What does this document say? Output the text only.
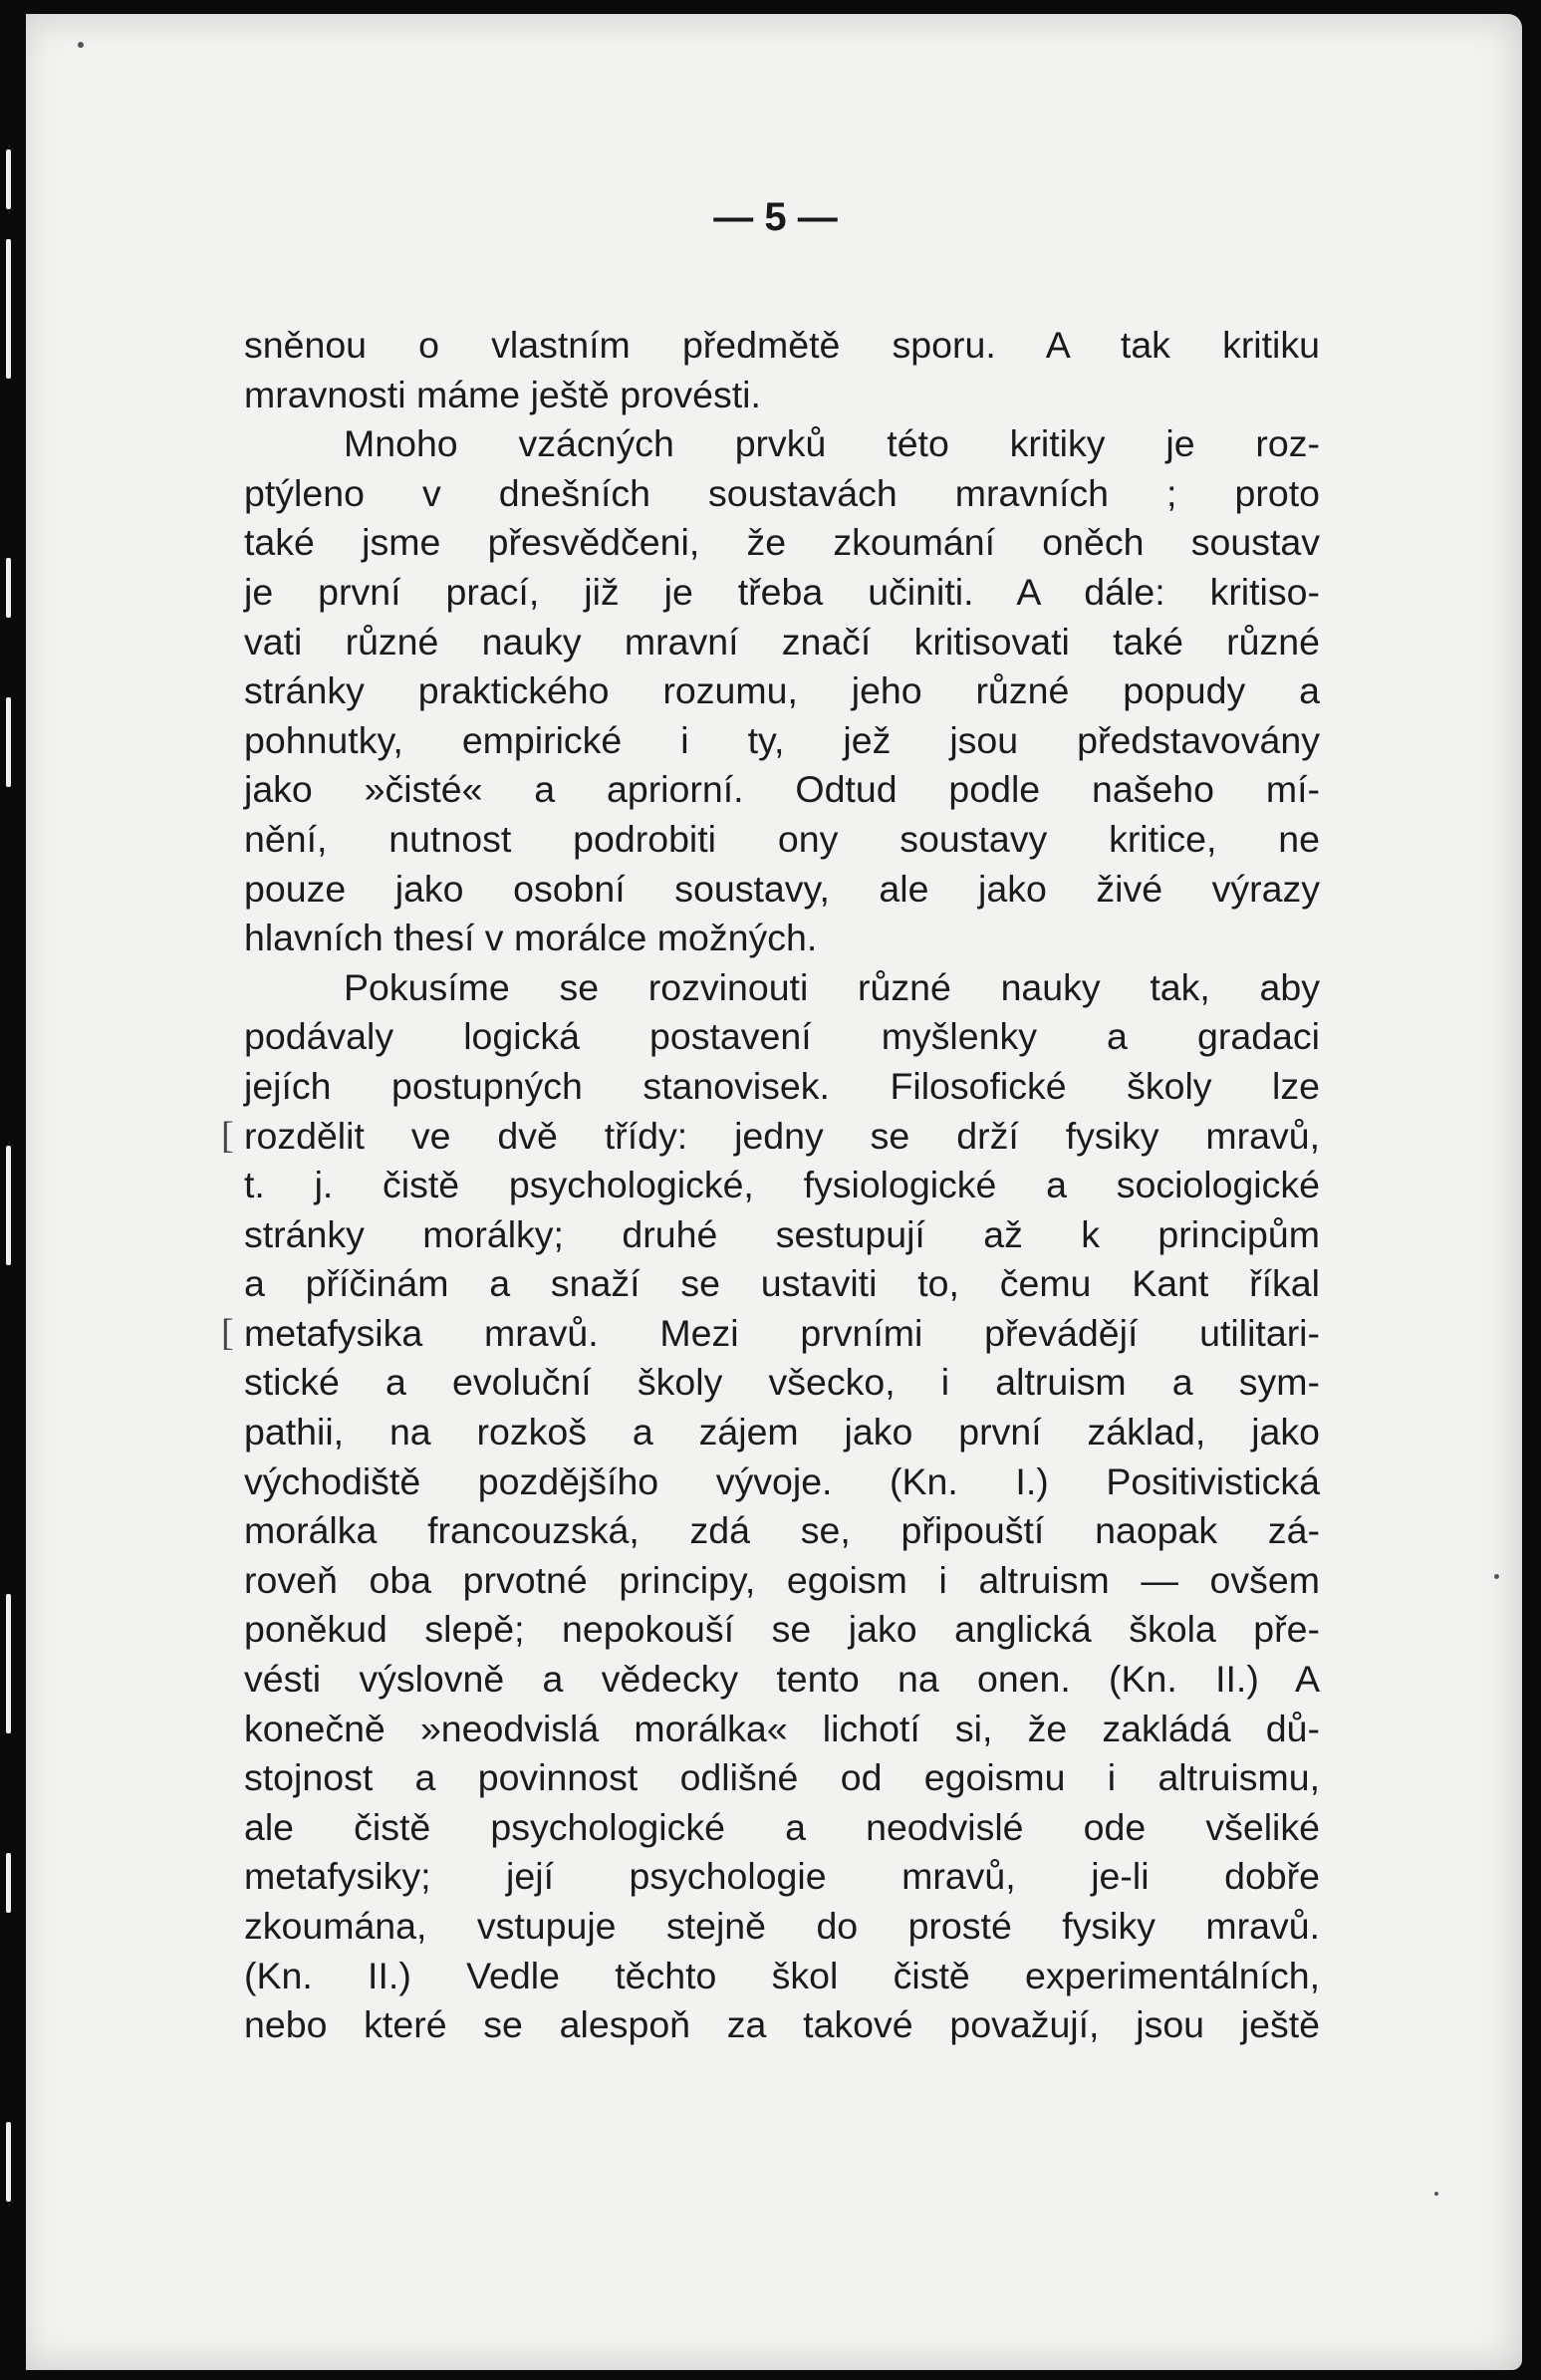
[
[
— 5 —
sněnou o vlastním předmětě sporu. A tak kritiku
mravnosti máme ještě provésti.
Mnoho vzácných prvků této kritiky je roz-
ptýleno v dnešních soustavách mravních ; proto
také jsme přesvědčeni, že zkoumání oněch soustav
je první prací, již je třeba učiniti. A dále: kritiso-
vati různé nauky mravní značí kritisovati také různé
stránky praktického rozumu, jeho různé popudy a
pohnutky, empirické i ty, jež jsou představovány
jako »čisté« a apriorní. Odtud podle našeho mí-
nění, nutnost podrobiti ony soustavy kritice, ne
pouze jako osobní soustavy, ale jako živé výrazy
hlavních thesí v morálce možných.
Pokusíme se rozvinouti různé nauky tak, aby
podávaly logická postavení myšlenky a gradaci
jejích postupných stanovisek. Filosofické školy lze
rozdělit ve dvě třídy: jedny se drží fysiky mravů,
t. j. čistě psychologické, fysiologické a sociologické
stránky morálky; druhé sestupují až k principům
a příčinám a snaží se ustaviti to, čemu Kant říkal
metafysika mravů. Mezi prvními převádějí utilitari-
stické a evoluční školy všecko, i altruism a sym-
pathii, na rozkoš a zájem jako první základ, jako
východiště pozdějšího vývoje. (Kn. I.) Positivistická
morálka francouzská, zdá se, připouští naopak zá-
roveň oba prvotné principy, egoism i altruism — ovšem
poněkud slepě; nepokouší se jako anglická škola pře-
vésti výslovně a vědecky tento na onen. (Kn. II.) A
konečně »neodvislá morálka« lichotí si, že zakládá dů-
stojnost a povinnost odlišné od egoismu i altruismu,
ale čistě psychologické a neodvislé ode všeliké
metafysiky; její psychologie mravů, je-li dobře
zkoumána, vstupuje stejně do prosté fysiky mravů.
(Kn. II.) Vedle těchto škol čistě experimentálních,
nebo které se alespoň za takové považují, jsou ještě
